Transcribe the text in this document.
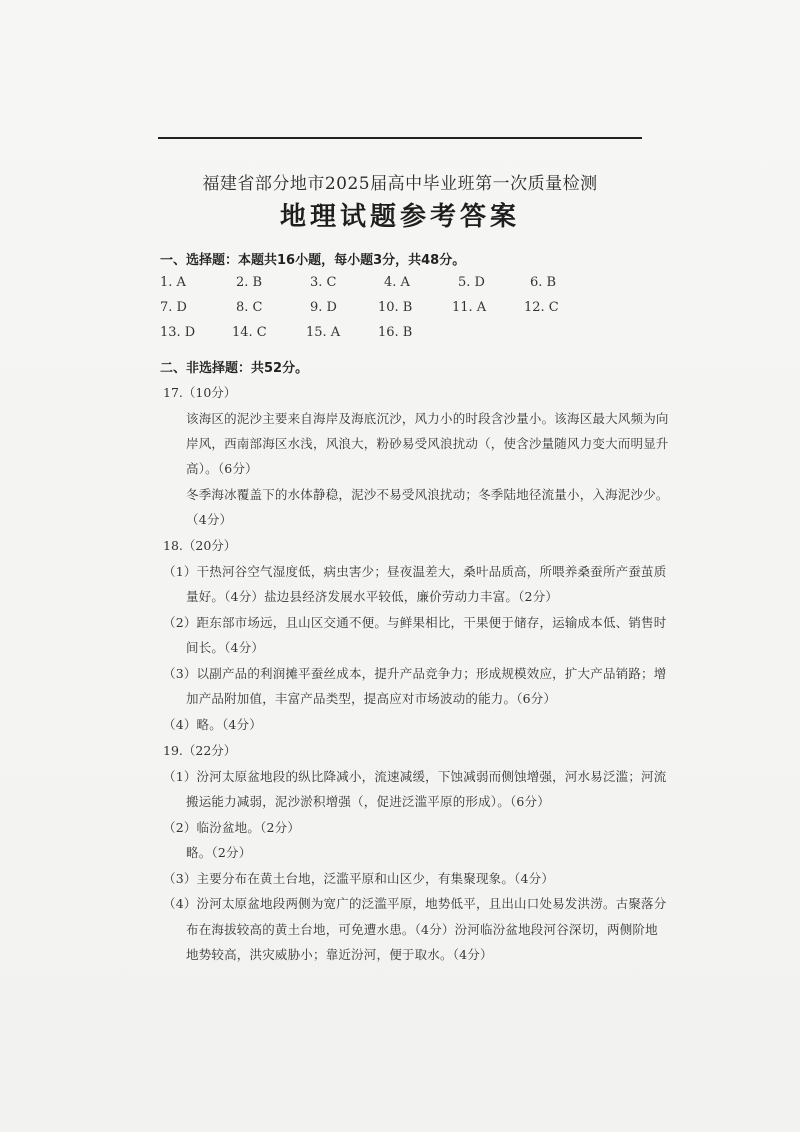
福建省部分地市2025届高中毕业班第一次质量检测
地理试题参考答案
一、选择题：本题共16小题，每小题3分，共48分。
1. A	2. B	3. C	4. A	5. D	6. B
7. D	8. C	9. D	10. B	11. A	12. C
13. D	14. C	15. A	16. B
二、非选择题：共52分。
17.（10分）
该海区的泥沙主要来自海岸及海底沉沙，风力小的时段含沙量小。该海区最大风频为向
岸风，西南部海区水浅，风浪大，粉砂易受风浪扰动（，使含沙量随风力变大而明显升
高）。（6分）
冬季海冰覆盖下的水体静稳，泥沙不易受风浪扰动；冬季陆地径流量小，入海泥沙少。
（4分）
18.（20分）
（1）干热河谷空气湿度低，病虫害少；昼夜温差大，桑叶品质高，所喂养桑蚕所产蚕茧质
量好。（4分）盐边县经济发展水平较低，廉价劳动力丰富。（2分）
（2）距东部市场远，且山区交通不便。与鲜果相比，干果便于储存，运输成本低、销售时
间长。（4分）
（3）以副产品的利润摊平蚕丝成本，提升产品竞争力；形成规模效应，扩大产品销路；增
加产品附加值，丰富产品类型，提高应对市场波动的能力。（6分）
（4）略。（4分）
19.（22分）
（1）汾河太原盆地段的纵比降减小，流速减缓，下蚀减弱而侧蚀增强，河水易泛滥；河流
搬运能力减弱，泥沙淤积增强（，促进泛滥平原的形成）。（6分）
（2）临汾盆地。（2分）
略。（2分）
（3）主要分布在黄土台地，泛滥平原和山区少，有集聚现象。（4分）
（4）汾河太原盆地段两侧为宽广的泛滥平原，地势低平，且出山口处易发洪涝。古聚落分
布在海拔较高的黄土台地，可免遭水患。（4分）汾河临汾盆地段河谷深切，两侧阶地
地势较高，洪灾威胁小；靠近汾河，便于取水。（4分）
